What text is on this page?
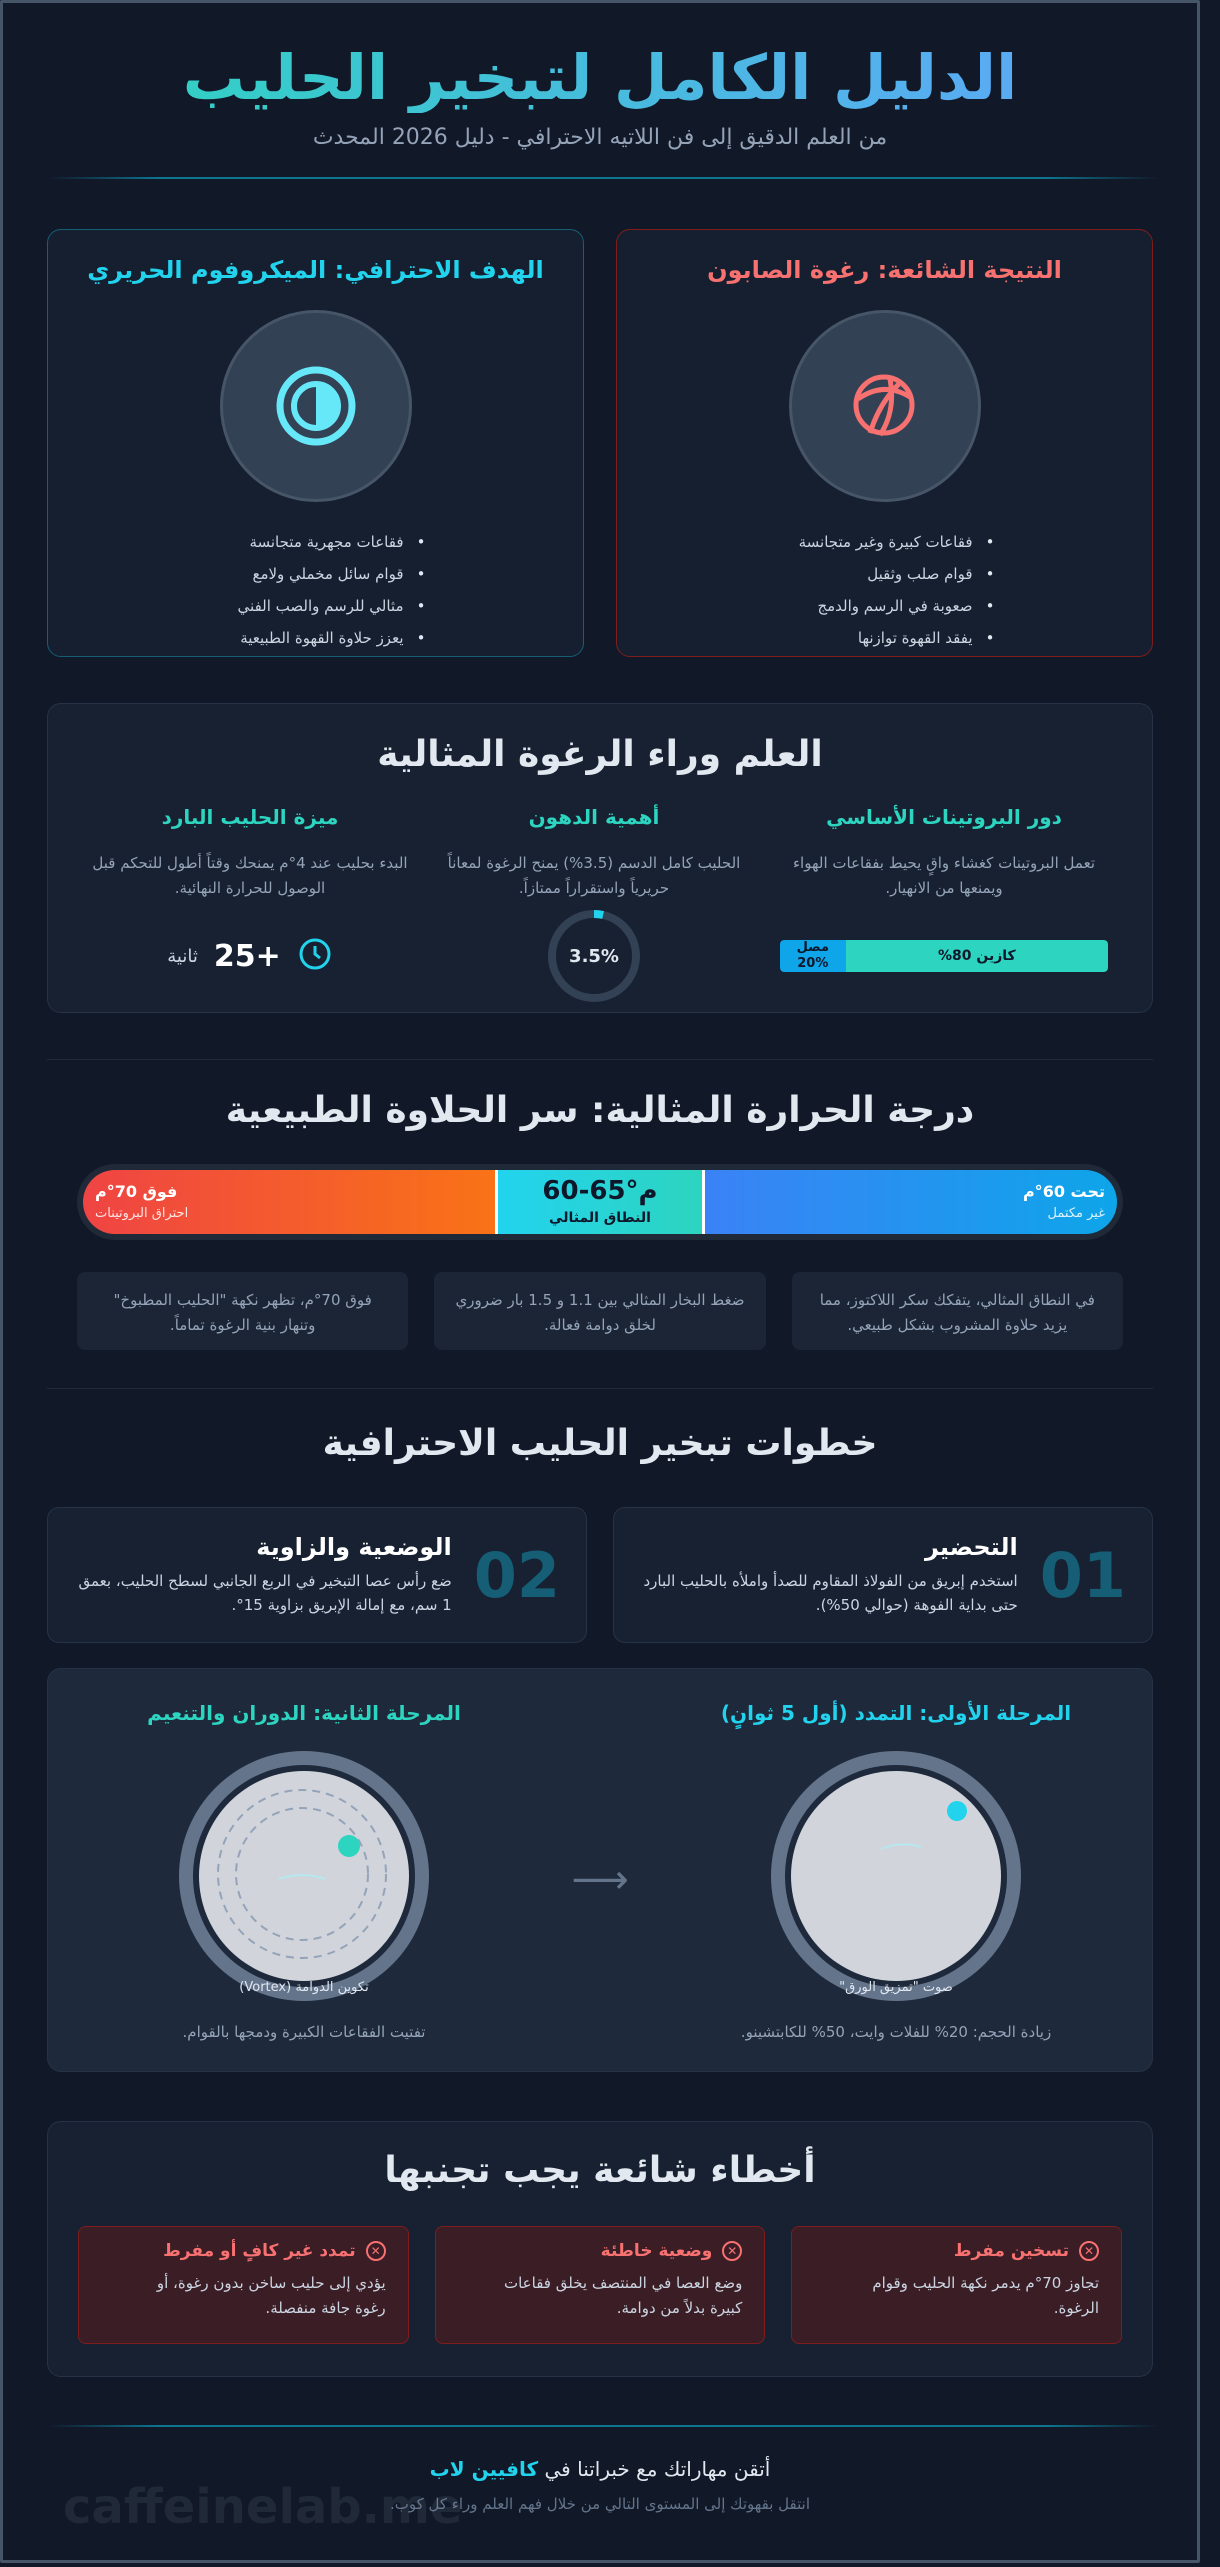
الدليل الكامل لتبخير الحليب
من العلم الدقيق إلى فن اللاتيه الاحترافي - دليل 2026 المحدث
النتيجة الشائعة: رغوة الصابون
• فقاعات كبيرة وغير متجانسة
• قوام صلب وثقيل
• صعوبة في الرسم والدمج
• يفقد القهوة توازنها
الهدف الاحترافي: الميكروفوم الحريري
• فقاعات مجهرية متجانسة
• قوام سائل مخملي ولامع
• مثالي للرسم والصب الفني
• يعزز حلاوة القهوة الطبيعية
العلم وراء الرغوة المثالية
دور البروتينات الأساسي

تعمل البروتينات كغشاء واقٍ يحيط بفقاعات الهواء ويمنعها من الانهيار.

كازين 80%
مصل %20
أهمية الدهون

الحليب كامل الدسم (3.5%) يمنح الرغوة لمعاناً حريرياً واستقراراً ممتازاً.

3.5%
ميزة الحليب البارد

البدء بحليب عند 4°م يمنحك وقتاً أطول للتحكم قبل الوصول للحرارة النهائية.

25+
ثانية
درجة الحرارة المثالية: سر الحلاوة الطبيعية
فوق 70°م
احتراق البروتينات
60-65°م
النطاق المثالي
تحت 60°م
غير مكتمل
في النطاق المثالي، يتفكك سكر اللاكتوز، مما يزيد حلاوة المشروب بشكل طبيعي.
ضغط البخار المثالي بين 1.1 و 1.5 بار ضروري لخلق دوامة فعالة.
فوق 70°م، تظهر نكهة "الحليب المطبوخ" وتنهار بنية الرغوة تماماً.
خطوات تبخير الحليب الاحترافية
01
التحضير

استخدم إبريق من الفولاذ المقاوم للصدأ واملأه بالحليب البارد حتى بداية الفوهة (حوالي 50%).

02
الوضعية والزاوية

ضع رأس عصا التبخير في الربع الجانبي لسطح الحليب، بعمق 1 سم، مع إمالة الإبريق بزاوية 15°.

المرحلة الأولى: التمدد (أول 5 ثوانٍ)
صوت "تمزيق الورق"
زيادة الحجم: 20% للفلات وايت، 50% للكابتشينو.
⟶
المرحلة الثانية: الدوران والتنعيم
تكوين الدوامة (Vortex)
تفتيت الفقاعات الكبيرة ودمجها بالقوام.
أخطاء شائعة يجب تجنبها
✕
تسخين مفرط

تجاوز 70°م يدمر نكهة الحليب وقوام الرغوة.

✕
وضعية خاطئة

وضع العصا في المنتصف يخلق فقاعات كبيرة بدلاً من دوامة.

✕
تمدد غير كافٍ أو مفرط

يؤدي إلى حليب ساخن بدون رغوة، أو رغوة جافة منفصلة.

أتقن مهاراتك مع خبراتنا في كافيين لاب
انتقل بقهوتك إلى المستوى التالي من خلال فهم العلم وراء كل كوب.
caffeinelab.me
